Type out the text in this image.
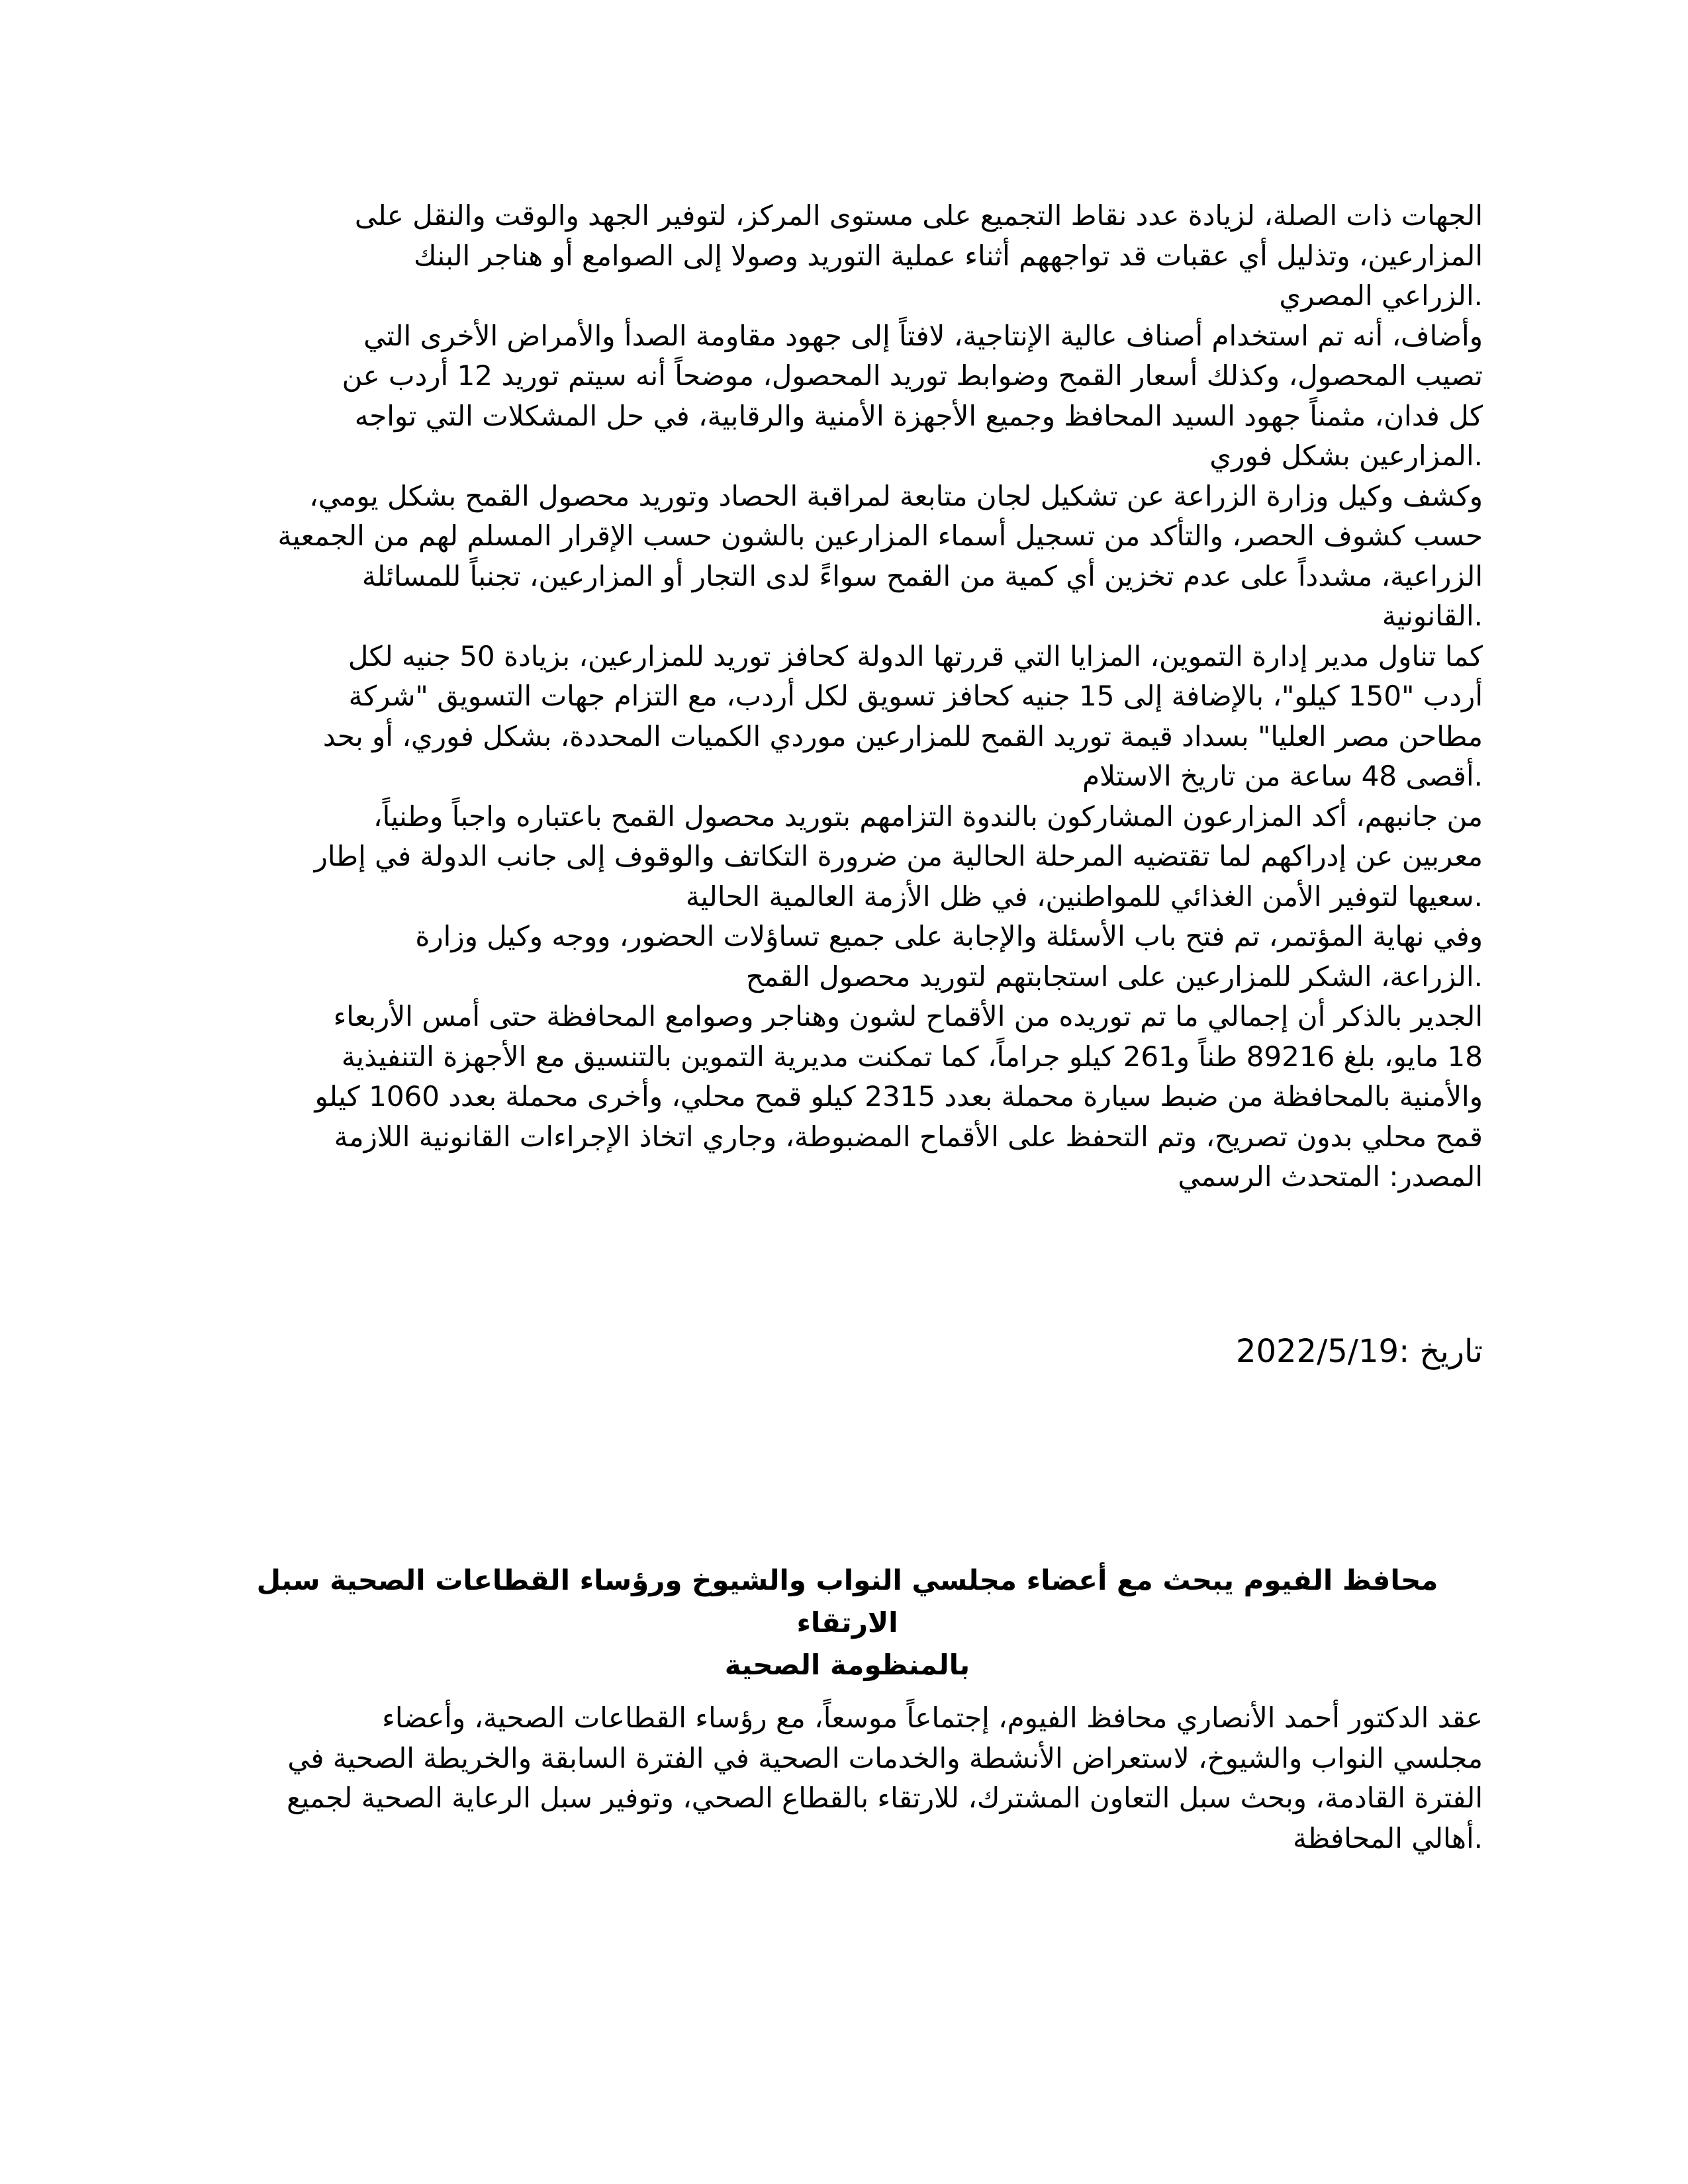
الجهات ذات الصلة، لزيادة عدد نقاط التجميع على مستوى المركز، لتوفير الجهد والوقت والنقل على
المزارعين، وتذليل أي عقبات قد تواجههم أثناء عملية التوريد وصولا إلى الصوامع أو هناجر البنك
.الزراعي المصري

وأضاف، أنه تم استخدام أصناف عالية الإنتاجية، لافتاً إلى جهود مقاومة الصدأ والأمراض الأخرى التي
تصيب المحصول، وكذلك أسعار القمح وضوابط توريد المحصول، موضحاً أنه سيتم توريد 12 أردب عن
كل فدان، مثمناً جهود السيد المحافظ وجميع الأجهزة الأمنية والرقابية، في حل المشكلات التي تواجه
.المزارعين بشكل فوري

وكشف وكيل وزارة الزراعة عن تشكيل لجان متابعة لمراقبة الحصاد وتوريد محصول القمح بشكل يومي،
حسب كشوف الحصر، والتأكد من تسجيل أسماء المزارعين بالشون حسب الإقرار المسلم لهم من الجمعية
الزراعية، مشدداً على عدم تخزين أي كمية من القمح سواءً لدى التجار أو المزارعين، تجنباً للمسائلة
.القانونية

كما تناول مدير إدارة التموين، المزايا التي قررتها الدولة كحافز توريد للمزارعين، بزيادة 50 جنيه لكل
أردب "150 كيلو"، بالإضافة إلى 15 جنيه كحافز تسويق لكل أردب، مع التزام جهات التسويق "شركة
مطاحن مصر العليا" بسداد قيمة توريد القمح للمزارعين موردي الكميات المحددة، بشكل فوري، أو بحد
.أقصى 48 ساعة من تاريخ الاستلام

من جانبهم، أكد المزارعون المشاركون بالندوة التزامهم بتوريد محصول القمح باعتباره واجباً وطنياً،
معربين عن إدراكهم لما تقتضيه المرحلة الحالية من ضرورة التكاتف والوقوف إلى جانب الدولة في إطار
.سعيها لتوفير الأمن الغذائي للمواطنين، في ظل الأزمة العالمية الحالية

وفي نهاية المؤتمر، تم فتح باب الأسئلة والإجابة على جميع تساؤلات الحضور، ووجه وكيل وزارة
.الزراعة، الشكر للمزارعين على استجابتهم لتوريد محصول القمح

الجدير بالذكر أن إجمالي ما تم توريده من الأقماح لشون وهناجر وصوامع المحافظة حتى أمس الأربعاء
18 مايو، بلغ 89216 طناً و261 كيلو جراماً، كما تمكنت مديرية التموين بالتنسيق مع الأجهزة التنفيذية
والأمنية بالمحافظة من ضبط سيارة محملة بعدد 2315 كيلو قمح محلي، وأخرى محملة بعدد 1060 كيلو
قمح محلي بدون تصريح، وتم التحفظ على الأقماح المضبوطة، وجاري اتخاذ الإجراءات القانونية اللازمة

المصدر: المتحدث الرسمي

تاريخ :2022/5/19
محافظ الفيوم يبحث مع أعضاء مجلسي النواب والشيوخ ورؤساء القطاعات الصحية سبل الارتقاء
بالمنظومة الصحية

عقد الدكتور أحمد الأنصاري محافظ الفيوم، إجتماعاً موسعاً، مع رؤساء القطاعات الصحية، وأعضاء
مجلسي النواب والشيوخ، لاستعراض الأنشطة والخدمات الصحية في الفترة السابقة والخريطة الصحية في
الفترة القادمة، وبحث سبل التعاون المشترك، للارتقاء بالقطاع الصحي، وتوفير سبل الرعاية الصحية لجميع
.أهالي المحافظة
